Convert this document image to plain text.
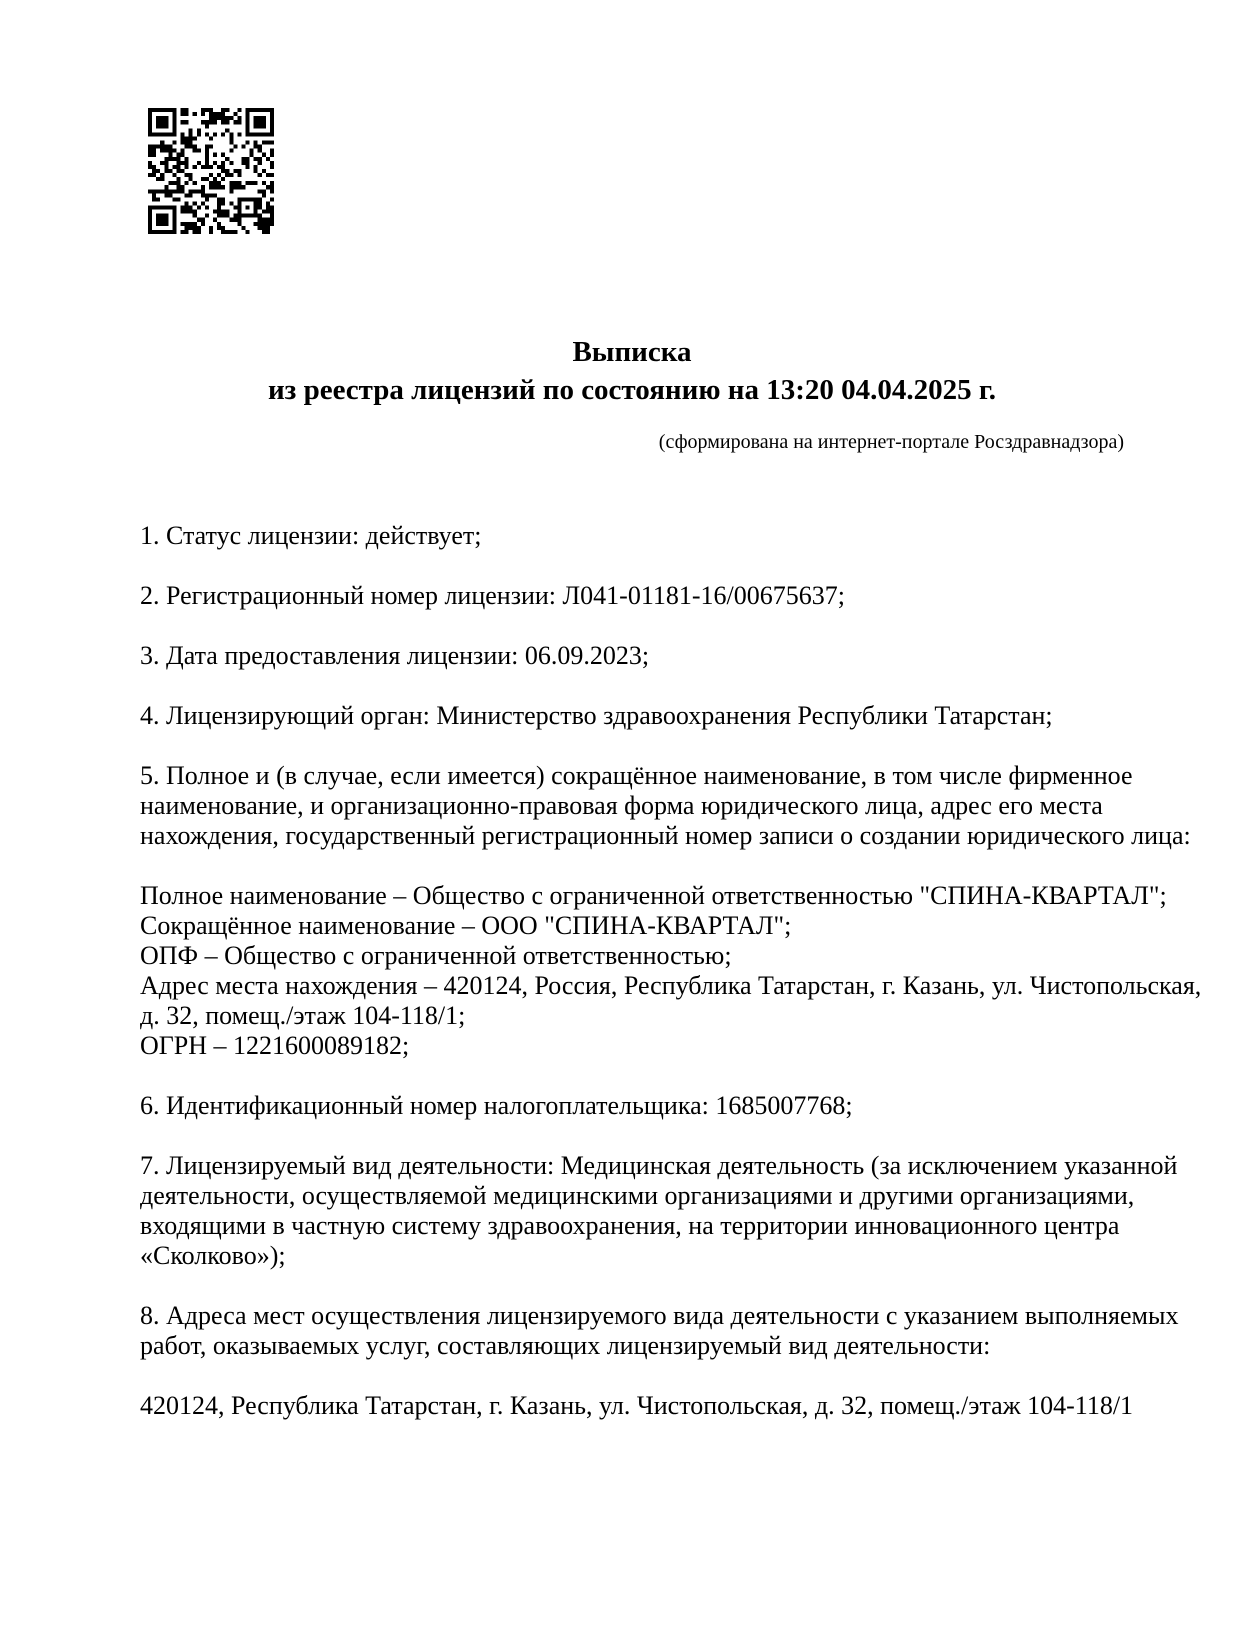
Выписка
из реестра лицензий по состоянию на 13:20 04.04.2025 г.
(сформирована на интернет-портале Росздравнадзора)
1. Статус лицензии: действует;
2. Регистрационный номер лицензии: Л041-01181-16/00675637;
3. Дата предоставления лицензии: 06.09.2023;
4. Лицензирующий орган: Министерство здравоохранения Республики Татарстан;
5. Полное и (в случае, если имеется) сокращённое наименование, в том числе фирменное
наименование, и организационно-правовая форма юридического лица, адрес его места
нахождения, государственный регистрационный номер записи о создании юридического лица:
Полное наименование – Общество с ограниченной ответственностью "СПИНА-КВАРТАЛ";
Сокращённое наименование – ООО "СПИНА-КВАРТАЛ";
ОПФ – Общество с ограниченной ответственностью;
Адрес места нахождения – 420124, Россия, Республика Татарстан, г. Казань, ул. Чистопольская,
д. 32, помещ./этаж 104-118/1;
ОГРН – 1221600089182;
6. Идентификационный номер налогоплательщика: 1685007768;
7. Лицензируемый вид деятельности: Медицинская деятельность (за исключением указанной
деятельности, осуществляемой медицинскими организациями и другими организациями,
входящими в частную систему здравоохранения, на территории инновационного центра
«Сколково»);
8. Адреса мест осуществления лицензируемого вида деятельности с указанием выполняемых
работ, оказываемых услуг, составляющих лицензируемый вид деятельности:
420124, Республика Татарстан, г. Казань, ул. Чистопольская, д. 32, помещ./этаж 104-118/1
